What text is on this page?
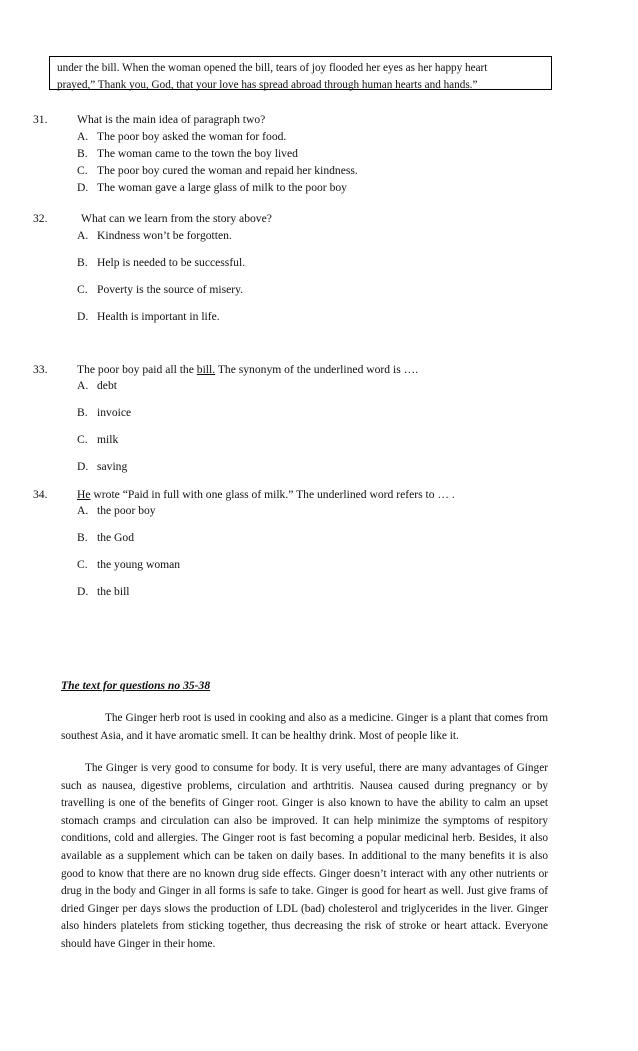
under the bill. When the woman opened the bill, tears of joy flooded her eyes as her happy heart
prayed,” Thank you, God, that your love has spread abroad through human hearts and hands.”
31.	What is the main idea of paragraph two?
A. The poor boy asked the woman for food.
B. The woman came to the town the boy lived
C. The poor boy cured the woman and repaid her kindness.
D. The woman gave a large glass of milk to the poor boy
32.	What can we learn from the story above?
A. Kindness won’t be forgotten.
B. Help is needed to be successful.
C. Poverty is the source of misery.
D. Health is important in life.
33.	The poor boy paid all the bill. The synonym of the underlined word is ….
A. debt
B. invoice
C. milk
D. saving
34.	He wrote “Paid in full with one glass of milk.” The underlined word refers to … .
A. the poor boy
B. the God
C. the young woman
D. the bill
The text for questions no 35-38
The Ginger herb root is used in cooking and also as a medicine. Ginger is a plant that comes from southest Asia, and it have aromatic smell. It can be healthy drink. Most of people like it.
The Ginger is very good to consume for body. It is very useful, there are many advantages of Ginger such as nausea, digestive problems, circulation and arthtritis. Nausea caused during pregnancy or by travelling is one of the benefits of Ginger root. Ginger is also known to have the ability to calm an upset stomach cramps and circulation can also be improved. It can help minimize the symptoms of respitory conditions, cold and allergies. The Ginger root is fast becoming a popular medicinal herb. Besides, it also available as a supplement which can be taken on daily bases. In additional to the many benefits it is also good to know that there are no known drug side effects. Ginger doesn’t interact with any other nutrients or drug in the body and Ginger in all forms is safe to take. Ginger is good for heart as well. Just give frams of dried Ginger per days slows the production of LDL (bad) cholesterol and triglycerides in the liver. Ginger also hinders platelets from sticking together, thus decreasing the risk of stroke or heart attack. Everyone should have Ginger in their home.
